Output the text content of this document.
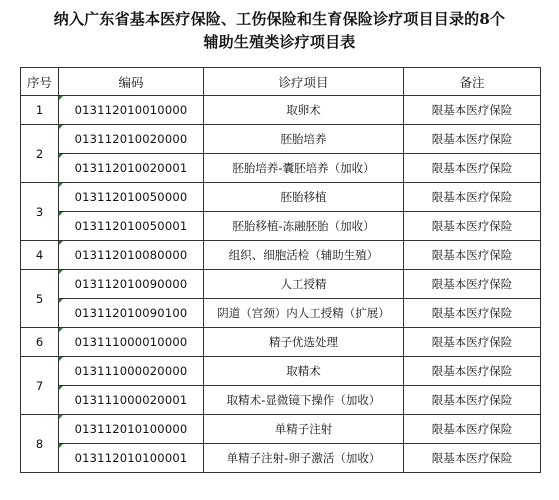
纳入广东省基本医疗保险、工伤保险和生育保险诊疗项目目录的8个
辅助生殖类诊疗项目表
序号	编码	诊疗项目	备注
1	013112010010000	取卵术	限基本医疗保险
2	013112010020000	胚胎培养	限基本医疗保险

013112010020001	胚胎培养-囊胚培养（加收）	限基本医疗保险
3	013112010050000	胚胎移植	限基本医疗保险

013112010050001	胚胎移植-冻融胚胎（加收）	限基本医疗保险
4	013112010080000	组织、细胞活检（辅助生殖）	限基本医疗保险
5	013112010090000	人工授精	限基本医疗保险

013112010090100	阴道（宫颈）内人工授精（扩展）	限基本医疗保险
6	013111000010000	精子优选处理	限基本医疗保险
7	013111000020000	取精术	限基本医疗保险

013111000020001	取精术-显微镜下操作（加收）	限基本医疗保险
8	013112010100000	单精子注射	限基本医疗保险

013112010100001	单精子注射-卵子激活（加收）	限基本医疗保险
